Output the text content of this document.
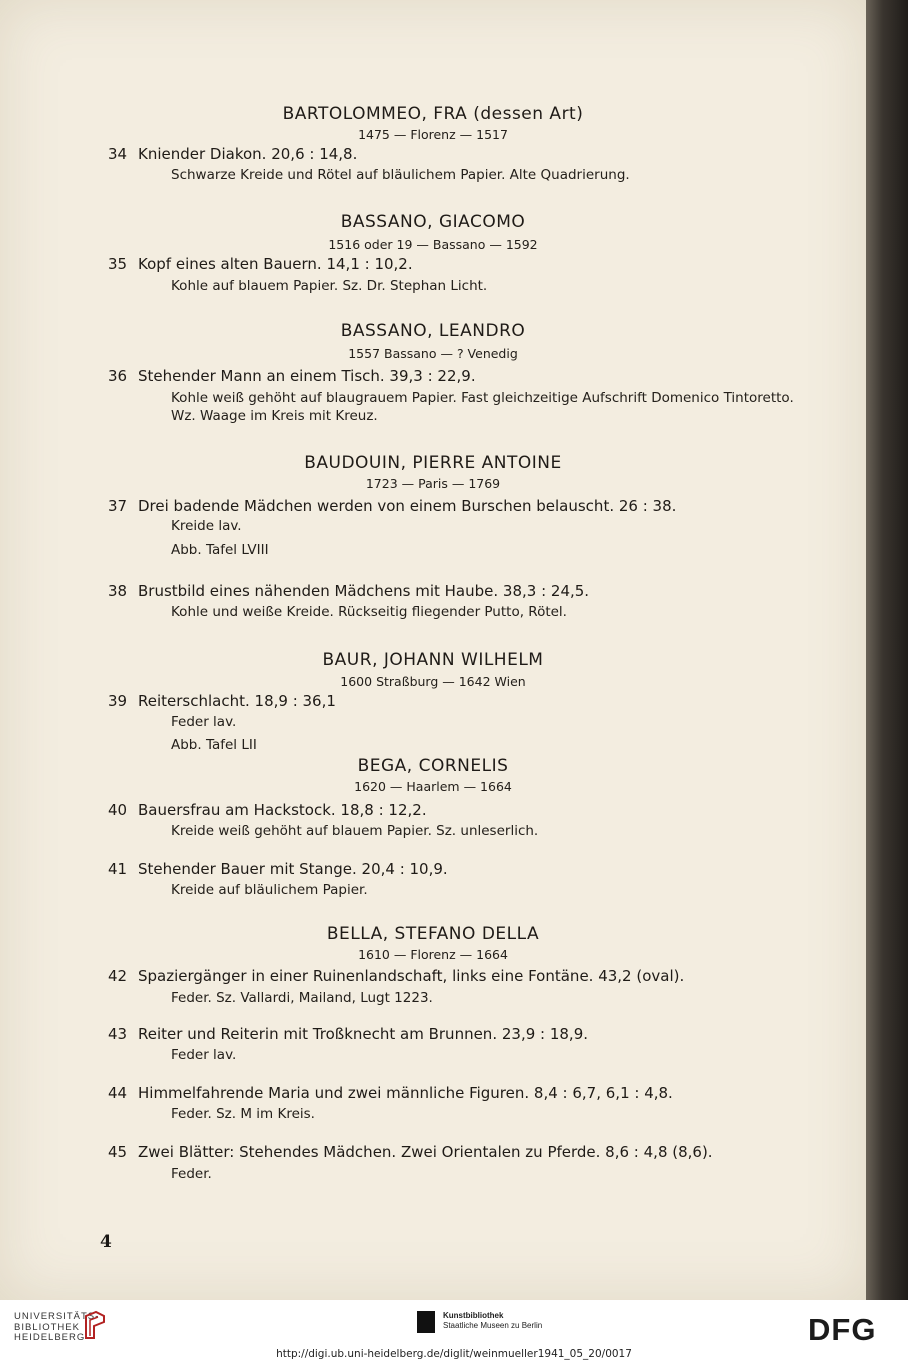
BARTOLOMMEO, FRA (dessen Art)
1475 — Florenz — 1517
34 Kniender Diakon. 20,6 : 14,8.
Schwarze Kreide und Rötel auf bläulichem Papier. Alte Quadrierung.
BASSANO, GIACOMO
1516 oder 19 — Bassano — 1592
35 Kopf eines alten Bauern. 14,1 : 10,2.
Kohle auf blauem Papier. Sz. Dr. Stephan Licht.
BASSANO, LEANDRO
1557 Bassano — ? Venedig
36 Stehender Mann an einem Tisch. 39,3 : 22,9.
Kohle weiß gehöht auf blaugrauem Papier. Fast gleichzeitige Aufschrift Domenico Tintoretto.
Wz. Waage im Kreis mit Kreuz.
BAUDOUIN, PIERRE ANTOINE
1723 — Paris — 1769
37 Drei badende Mädchen werden von einem Burschen belauscht. 26 : 38.
Kreide lav.
Abb. Tafel LVIII
38 Brustbild eines nähenden Mädchens mit Haube. 38,3 : 24,5.
Kohle und weiße Kreide. Rückseitig fliegender Putto, Rötel.
BAUR, JOHANN WILHELM
1600 Straßburg — 1642 Wien
39 Reiterschlacht. 18,9 : 36,1
Feder lav.
Abb. Tafel LII
BEGA, CORNELIS
1620 — Haarlem — 1664
40 Bauersfrau am Hackstock. 18,8 : 12,2.
Kreide weiß gehöht auf blauem Papier. Sz. unleserlich.
41 Stehender Bauer mit Stange. 20,4 : 10,9.
Kreide auf bläulichem Papier.
BELLA, STEFANO DELLA
1610 — Florenz — 1664
42 Spaziergänger in einer Ruinenlandschaft, links eine Fontäne. 43,2 (oval).
Feder. Sz. Vallardi, Mailand, Lugt 1223.
43 Reiter und Reiterin mit Troßknecht am Brunnen. 23,9 : 18,9.
Feder lav.
44 Himmelfahrende Maria und zwei männliche Figuren. 8,4 : 6,7, 6,1 : 4,8.
Feder. Sz. M im Kreis.
45 Zwei Blätter: Stehendes Mädchen. Zwei Orientalen zu Pferde. 8,6 : 4,8 (8,6).
Feder.
4
UNIVERSITÄTS-
BIBLIOTHEK
HEIDELBERG
Kunstbibliothek
Staatliche Museen zu Berlin	DFG
http://digi.ub.uni-heidelberg.de/diglit/weinmueller1941_05_20/0017
